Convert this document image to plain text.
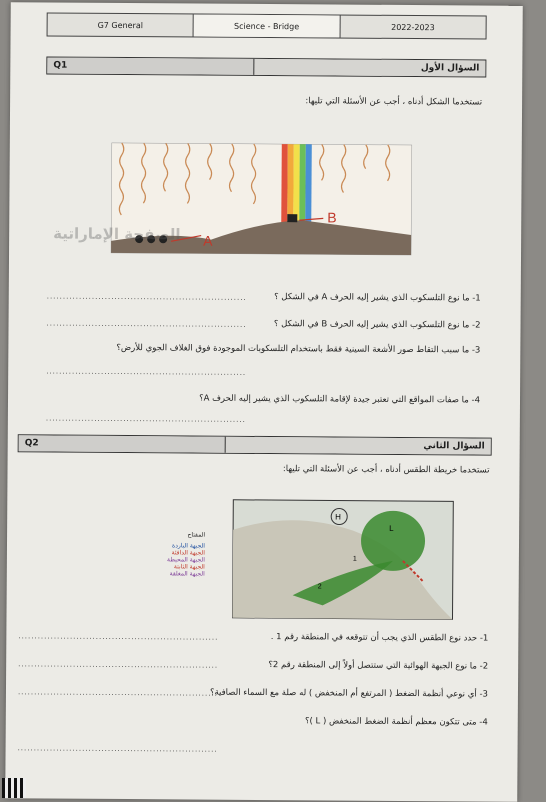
G7 General	Science - Bridge	2022-2023
Q1	السؤال الأول
تستخدما الشكل أدناه ، أجب عن الأسئلة التي تليها:
A
B
الصفحة الإماراتية
1- ما نوع التلسكوب الذي يشير إليه الحرف A في الشكل ؟
..............................................................
2- ما نوع التلسكوب الذي يشير إليه الحرف B في الشكل ؟
..............................................................
3- ما سبب التقاط صور الأشعة السينية فقط باستخدام التلسكوبات الموجودة فوق الغلاف الجوي للأرض؟
..............................................................
4- ما صفات المواقع التي تعتبر جيدة لإقامة التلسكوب الذي يشير إليه الحرف A؟
..............................................................
Q2	السؤال الثاني
تستخدما خريطة الطقس أدناه ، أجب عن الأسئلة التي تليها:
المفتاح
الجبهة الباردة
الجبهة الدافئة
الجبهة المحيطة
الجبهة الثابتة
الجبهة المغلقة
H
L
2
1
1- حدد نوع الطقس الذي يجب أن تتوقعه في المنطقة رقم 1 .
..............................................................
2- ما نوع الجبهة الهوائية التي ستتصل أولاً إلى المنطقة رقم 2؟
..............................................................
3- أي نوعي أنظمة الضغط ( المرتفع أم المنخفض ) له صلة مع السماء الصافية؟
..............................................................
4- متى تتكون معظم أنظمة الضغط المنخفض ( L )؟
..............................................................
